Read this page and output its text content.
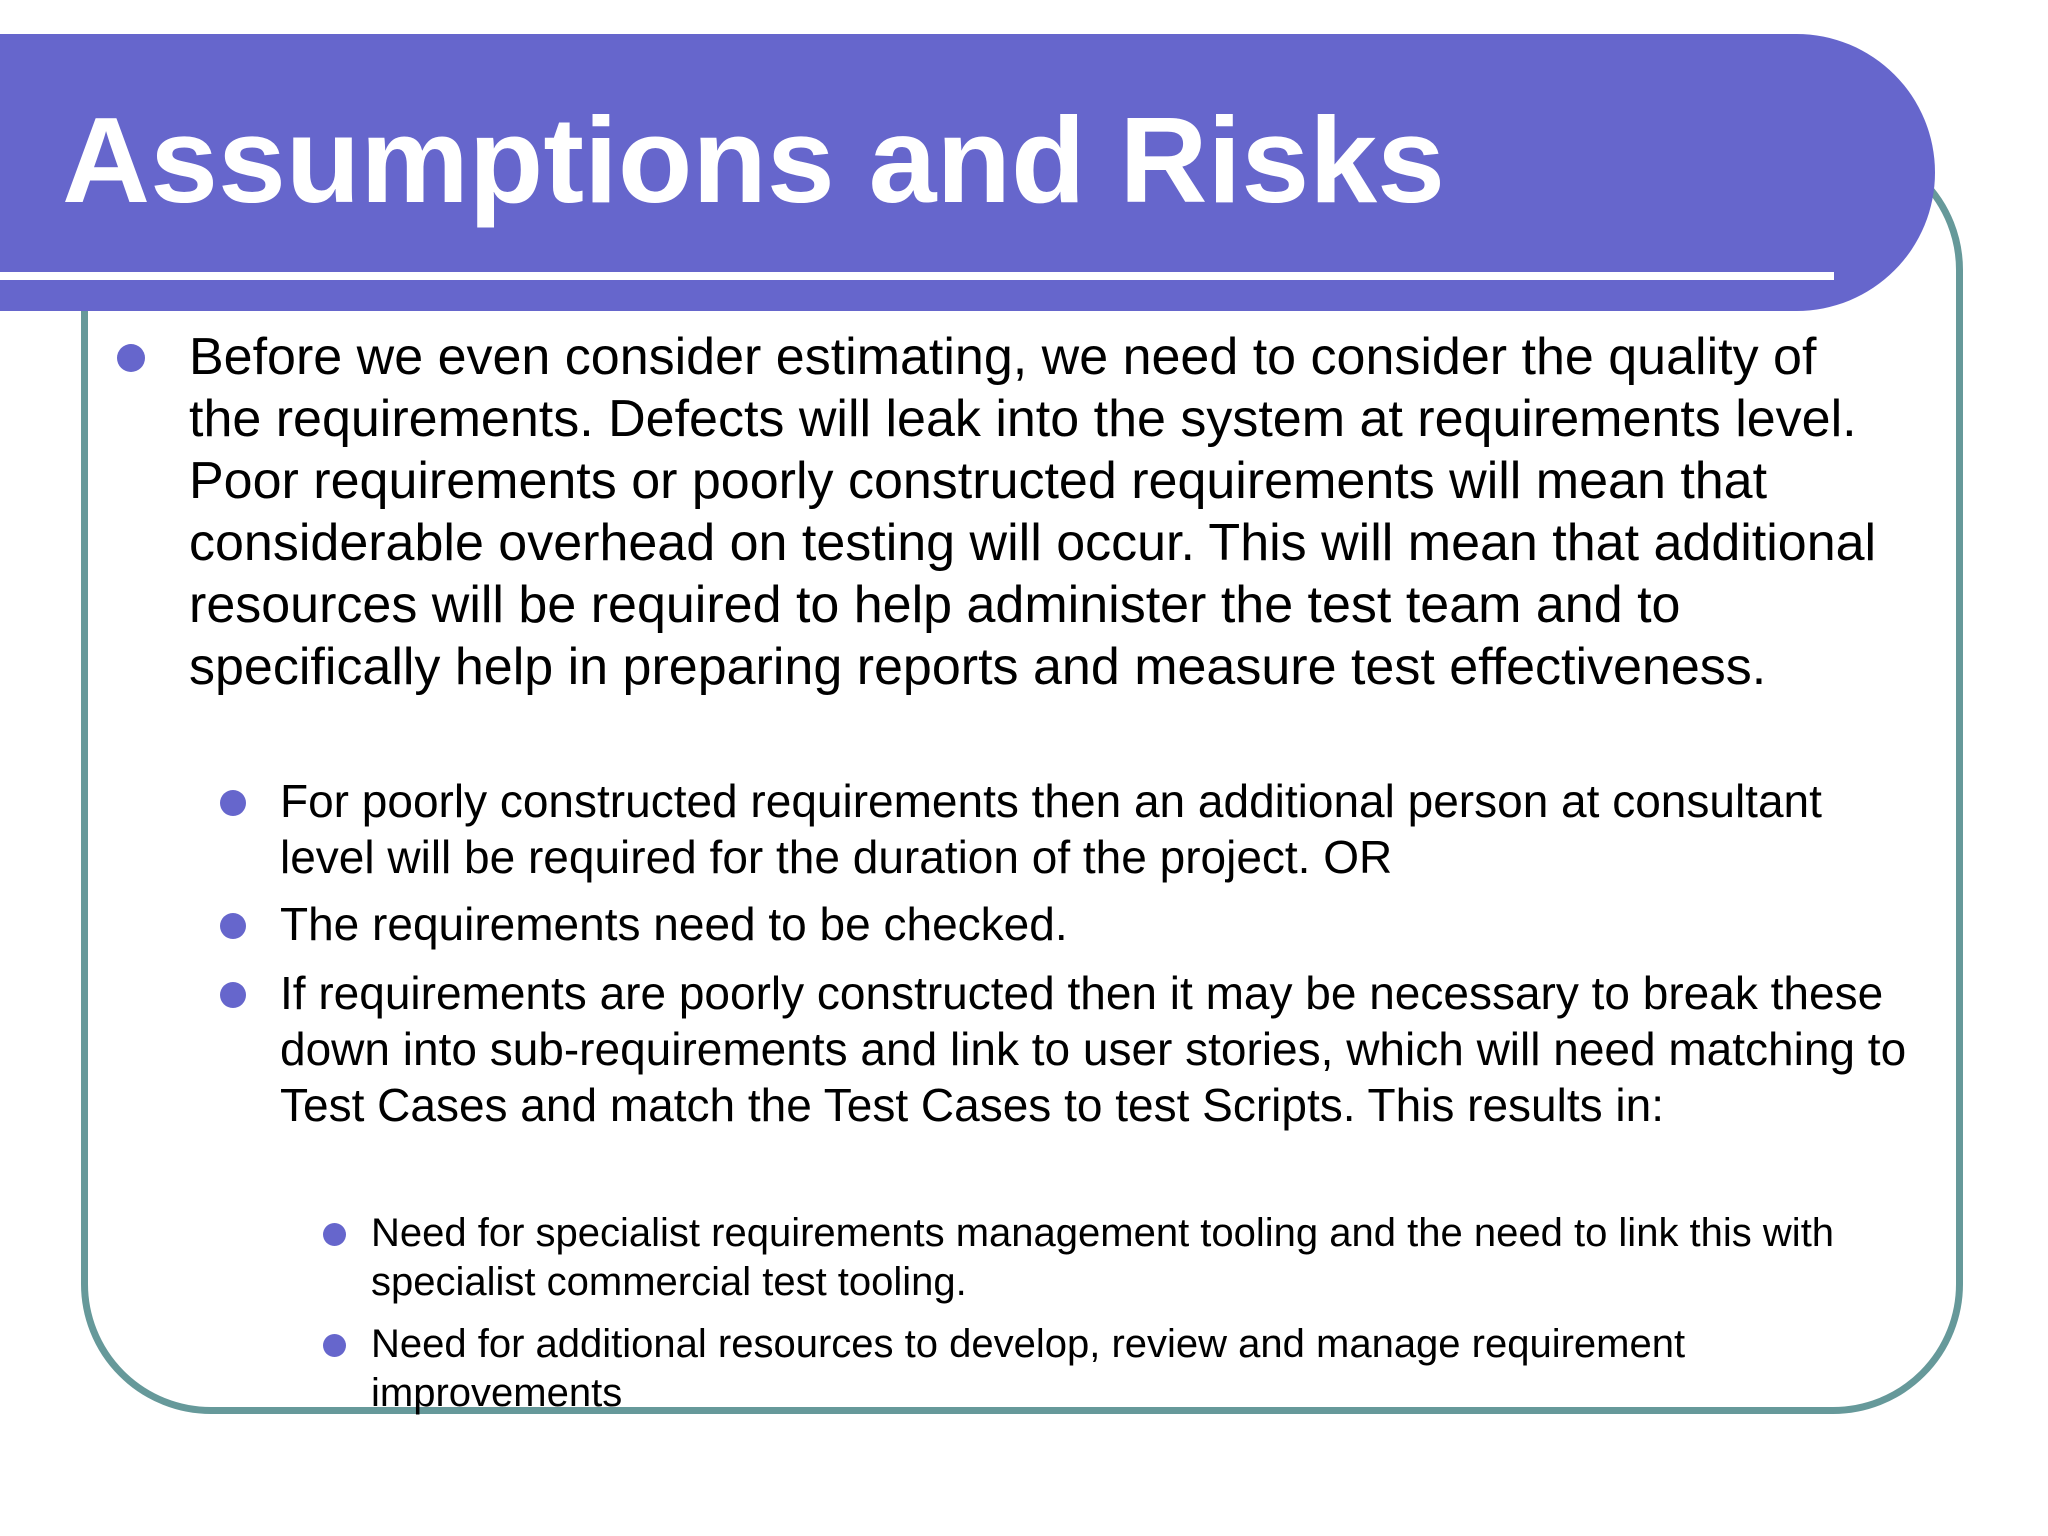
Assumptions and Risks

Before we even consider estimating, we need to consider the quality of the requirements. Defects will leak into the system at requirements level. Poor requirements or poorly constructed requirements will mean that considerable overhead on testing will occur. This will mean that additional resources will be required to help administer the test team and to specifically help in preparing reports and measure test effectiveness.

For poorly constructed requirements then an additional person at consultant level will be required for the duration of the project. OR

The requirements need to be checked.

If requirements are poorly constructed then it may be necessary to break these down into sub-requirements and link to user stories, which will need matching to Test Cases and match the Test Cases to test Scripts. This results in:

Need for specialist requirements management tooling and the need to link this with specialist commercial test tooling.

Need for additional resources to develop, review and manage requirement improvements
